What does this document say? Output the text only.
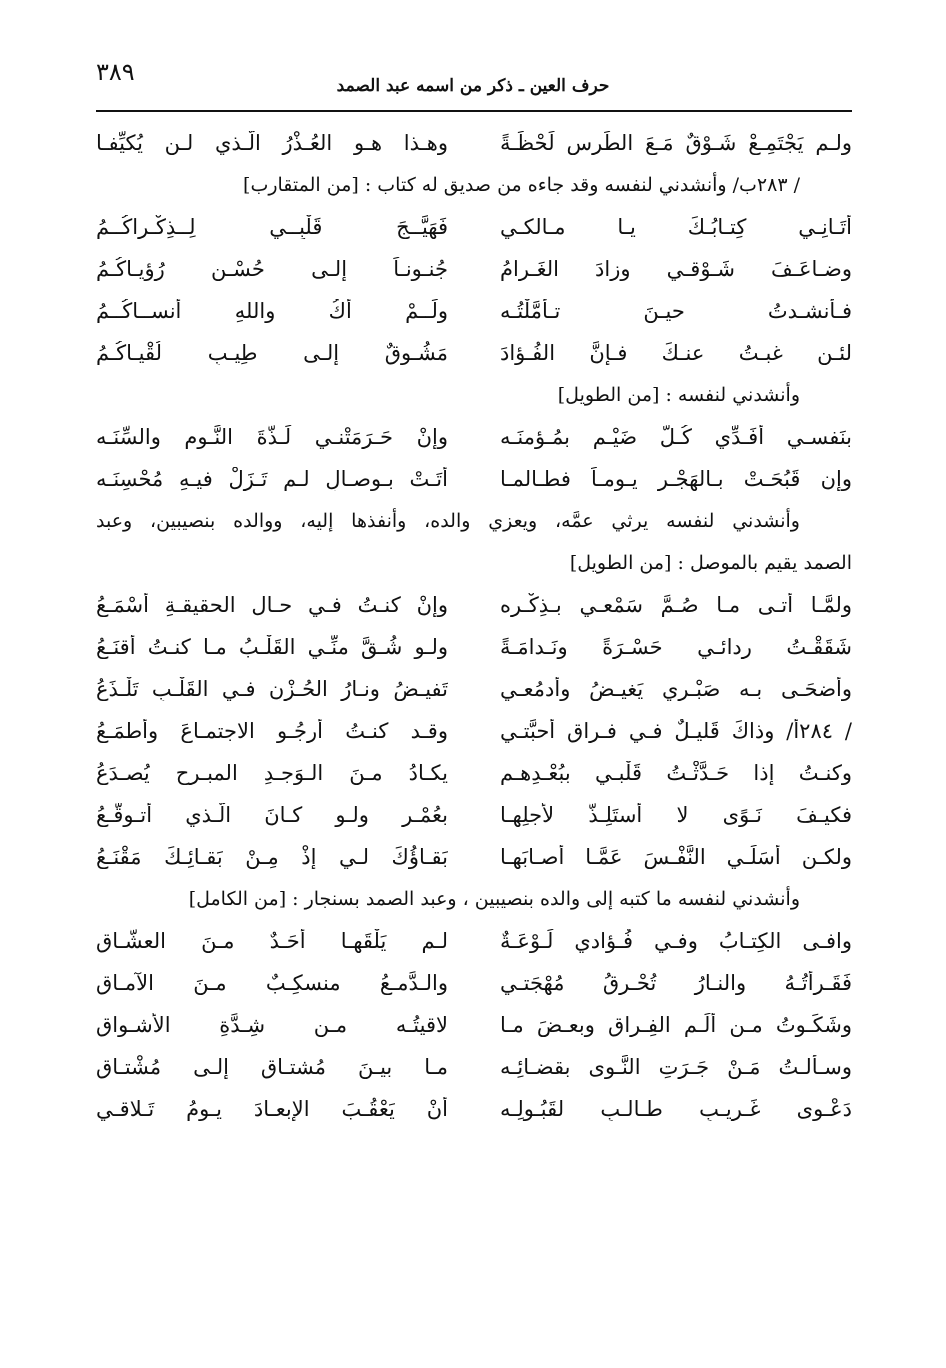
٣٨٩	حرف العين ـ ذكر من اسمه عبد الصمد
ولـم يَجْتَمِـعْ شَـوْقٌ مَـعَ الطِّرسِ لَحْظَـةً
وهـذا هـو العُـذْرُ الَّـذي لـن يُكيِّفـا
/ ٢٨٣ب/ وأنشدني لنفسه وقد جاءه من صديق له كتاب : [من المتقارب]
أتَـانِـي كِتـابُـكَ يـا مـالكـي
فَهَيَّــجَ قَلْبِــي لِــذِكْـراكُــمُ
وضـاعَـفَ شَـوْقـي وزادَ الغَـرامُ
جُنـونـاً إلـى حُسْـنِ رُؤيـاكُـمُ
فـأنشـدتُ حيـنَ تـأمَّلْتُـه
ولَــمْ أكُ واللهِ أنســاكُــمُ
لئـن غبـتُ عنـكَ فـإنَّ الفُـؤادَ
مَشُـوقٌ إلـى طِيـبِ لُقْيـاكُـمُ
وأنشدني لنفسه : [من الطويل]
بنَفسـي أُفَـدِّي كُـلَّ ضَيْـمٍ بمُـؤمنَـه
وإنْ حَـرَمَتْنـي لَـذَّةَ النَّـومِ والسِّنَـه
وإن قَبُحَـتْ بـالهَجْـرِ يـومـاً فطـالمـا
أتَـتْ بـوصـالٍ لـم تَـزَلْ فيـهِ مُحْسِنَـه
وأنشدني لنفسه يرثي عمَّه، ويعزي والده، وأنفذها إليه، ووالده بنصيبين، وعبد
الصمد يقيم بالموصل : [من الطويل]
ولمَّـا أتـى مـا صُـمَّ سَمْعـي بـذِكْـرِه
وإنْ كنـتُ فـي حـالِ الحقيقـةِ أسْمَـعُ
شَقَقْـتُ ردائـي حَسْـرَةً ونَـدامَـةً
ولـو شُـقَّ منِّـي القَلْـبُ مـا كنـتُ أقنَـعُ
وأضحَـى بـه صَبْـري يَغيـضُ وأدمُعـي
تَفيـضُ ونـارُ الحُـزْنِ فـي القَلْـبِ تَلْـذَعُ
/ ٢٨٤أ/ وذاكَ قَليـلٌ فـي فـراقِ أحبَّتـي
وقـد كنـتُ أرجُـو الاجتمـاعَ وأطمَـعُ
وكنـتُ إذا حَـدَّثْـتُ قَلْبـي ببُعْـدِهـم
يكـادُ مـنَ الـوَجـدِ المبـرِحِ يُصـدَعُ
فكيـفَ نَـوًى لا أستَلِـذُّ لأجلِهـا
بعُمْـرٍ ولـو كـانَ الَّـذي أتـوقَّـعُ
ولكـن أُسَلِّـي النَّفْـسَ عَمَّـا أصـابَهـا
بَقـاؤُكَ لـي إذْ مِـنْ بَقـائِـكَ مَقْنَـعُ
وأنشدني لنفسه ما كتبه إلى والده بنصيبين ، وعبد الصمد بسنجار : [من الكامل]
وافـى الكِتـابُ وفـي فُـؤادي لَـوْعَـةٌ
لـم يَلْقَهـا أحَـدٌ مـنَ العشَّـاقِ
فَقَـرأتُـهُ والنـارُ تُحْـرِقُ مُهْجَتـي
والـدَّمـعُ منسكِـبٌ مـنَ الآمـاقِ
وشَكَـوتُ مـن ألَـمِ الفِـراقِ وبعـضَ مـا
لاقيتُـه مـن شِـدَّةِ الأشـواقِ
وسـألـتُ مَـنْ جَـرَتِ النَّـوى بقضـائِـه
مـا بيـنَ مُشتـاقٍ إلـى مُشْتـاقِ
دَعْـوى غَـريـبٍ طـالـبٍ لقَبُـولِـه
أنْ يَعْقُـبَ الإبعـادَ يـومُ تَـلاقـي
